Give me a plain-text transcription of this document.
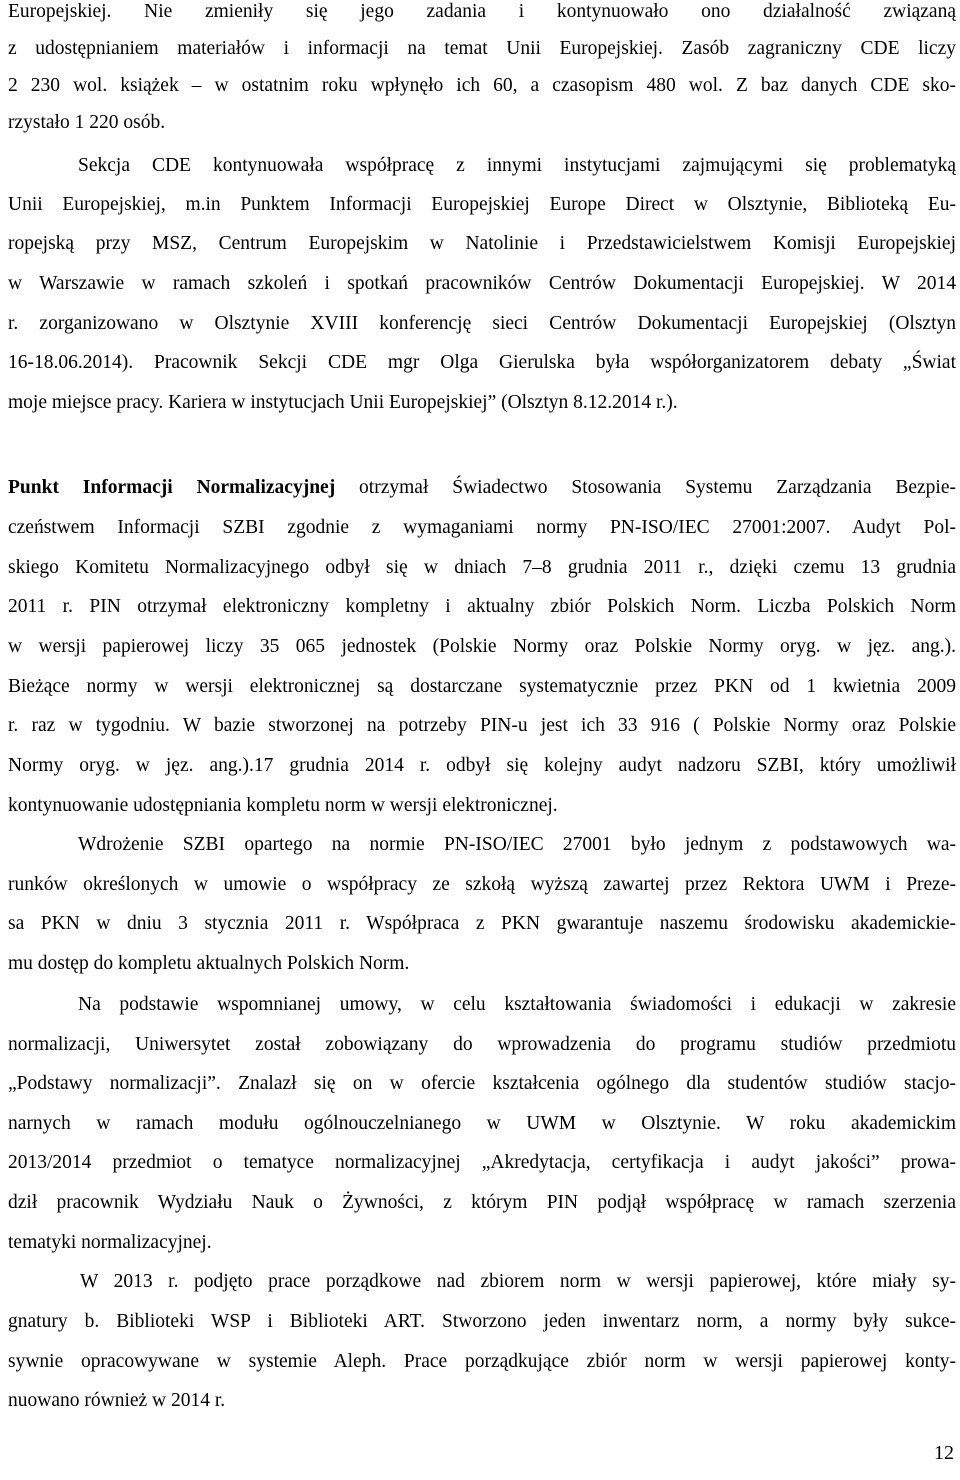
Europejskiej. Nie zmieniły się jego zadania i kontynuowało ono działalność związaną
z udostępnianiem materiałów i informacji na temat Unii Europejskiej. Zasób zagraniczny CDE liczy
2 230 wol. książek – w ostatnim roku wpłynęło ich 60, a czasopism 480 wol. Z baz danych CDE sko-
rzystało 1 220 osób.
Sekcja CDE kontynuowała współpracę z innymi instytucjami zajmującymi się problematyką
Unii Europejskiej, m.in Punktem Informacji Europejskiej Europe Direct w Olsztynie, Biblioteką Eu-
ropejską przy MSZ, Centrum Europejskim w Natolinie i Przedstawicielstwem Komisji Europejskiej
w Warszawie w ramach szkoleń i spotkań pracowników Centrów Dokumentacji Europejskiej. W 2014
r. zorganizowano w Olsztynie XVIII konferencję sieci Centrów Dokumentacji Europejskiej (Olsztyn
16-18.06.2014). Pracownik Sekcji CDE mgr Olga Gierulska była współorganizatorem debaty „Świat
moje miejsce pracy. Kariera w instytucjach Unii Europejskiej” (Olsztyn 8.12.2014 r.).
Punkt Informacji Normalizacyjnej otrzymał Świadectwo Stosowania Systemu Zarządzania Bezpie-
czeństwem Informacji SZBI zgodnie z wymaganiami normy PN-ISO/IEC 27001:2007. Audyt Pol-
skiego Komitetu Normalizacyjnego odbył się w dniach 7–8 grudnia 2011 r., dzięki czemu 13 grudnia
2011 r. PIN otrzymał elektroniczny kompletny i aktualny zbiór Polskich Norm. Liczba Polskich Norm
w wersji papierowej liczy 35 065 jednostek (Polskie Normy oraz Polskie Normy oryg. w jęz. ang.).
Bieżące normy w wersji elektronicznej są dostarczane systematycznie przez PKN od 1 kwietnia 2009
r. raz w tygodniu. W bazie stworzonej na potrzeby PIN-u jest ich 33 916 ( Polskie Normy oraz Polskie
Normy oryg. w jęz. ang.).17 grudnia 2014 r. odbył się kolejny audyt nadzoru SZBI, który umożliwił
kontynuowanie udostępniania kompletu norm w wersji elektronicznej.
Wdrożenie SZBI opartego na normie PN-ISO/IEC 27001 było jednym z podstawowych wa-
runków określonych w umowie o współpracy ze szkołą wyższą zawartej przez Rektora UWM i Preze-
sa PKN w dniu 3 stycznia 2011 r. Współpraca z PKN gwarantuje naszemu środowisku akademickie-
mu dostęp do kompletu aktualnych Polskich Norm.
Na podstawie wspomnianej umowy, w celu kształtowania świadomości i edukacji w zakresie
normalizacji, Uniwersytet został zobowiązany do wprowadzenia do programu studiów przedmiotu
„Podstawy normalizacji”. Znalazł się on w ofercie kształcenia ogólnego dla studentów studiów stacjo-
narnych w ramach modułu ogólnouczelnianego w UWM w Olsztynie. W roku akademickim
2013/2014 przedmiot o tematyce normalizacyjnej „Akredytacja, certyfikacja i audyt jakości” prowa-
dził pracownik Wydziału Nauk o Żywności, z którym PIN podjął współpracę w ramach szerzenia
tematyki normalizacyjnej.
W 2013 r. podjęto prace porządkowe nad zbiorem norm w wersji papierowej, które miały sy-
gnatury b. Biblioteki WSP i Biblioteki ART. Stworzono jeden inwentarz norm, a normy były sukce-
sywnie opracowywane w systemie Aleph. Prace porządkujące zbiór norm w wersji papierowej konty-
nuowano również w 2014 r.
12
